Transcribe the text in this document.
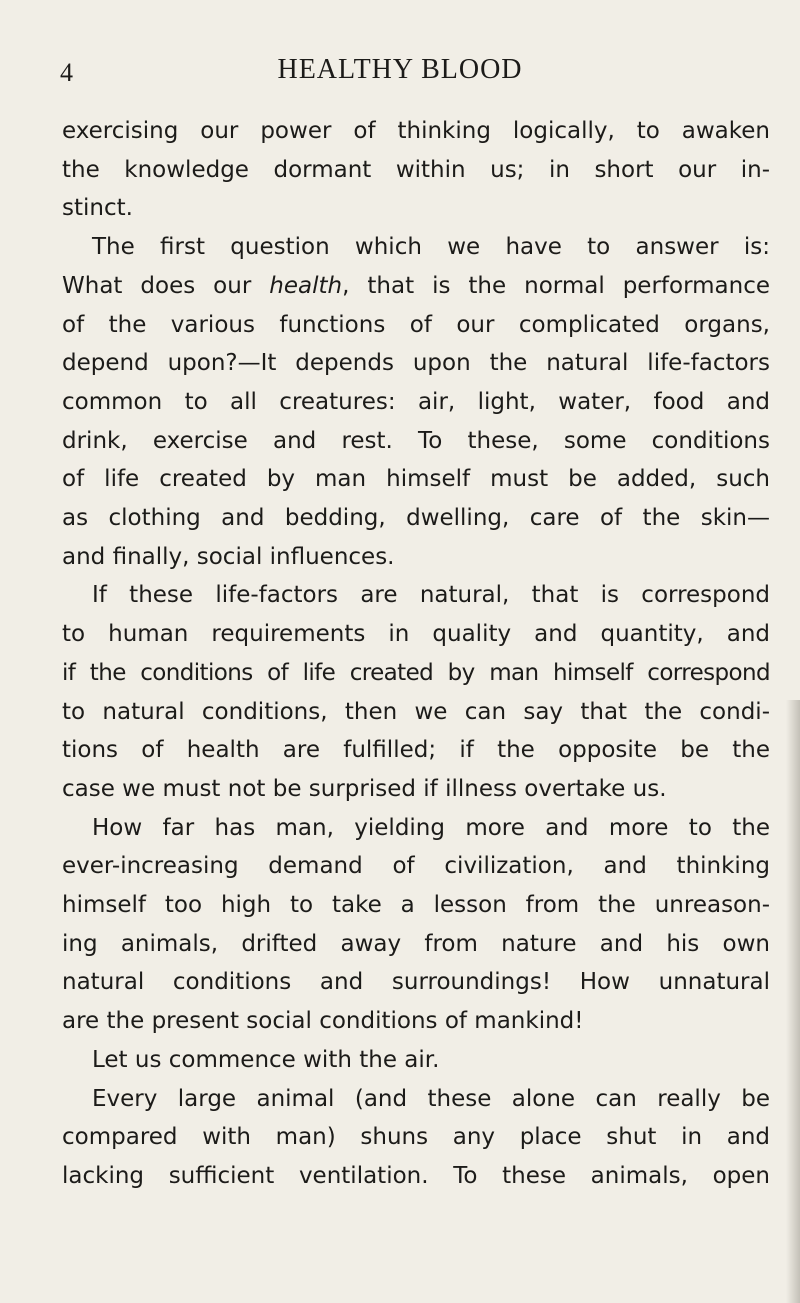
4	HEALTHY BLOOD
exercising our power of thinking logically, to awaken
the knowledge dormant within us; in short our in-
stinct.
The first question which we have to answer is:
What does our health, that is the normal performance
of the various functions of our complicated organs,
depend upon?—It depends upon the natural life-factors
common to all creatures: air, light, water, food and
drink, exercise and rest. To these, some conditions
of life created by man himself must be added, such
as clothing and bedding, dwelling, care of the skin—
and finally, social influences.
If these life-factors are natural, that is correspond
to human requirements in quality and quantity, and
if the conditions of life created by man himself correspond
to natural conditions, then we can say that the condi-
tions of health are fulfilled; if the opposite be the
case we must not be surprised if illness overtake us.
How far has man, yielding more and more to the
ever-increasing demand of civilization, and thinking
himself too high to take a lesson from the unreason-
ing animals, drifted away from nature and his own
natural conditions and surroundings! How unnatural
are the present social conditions of mankind!
Let us commence with the air.
Every large animal (and these alone can really be
compared with man) shuns any place shut in and
lacking sufficient ventilation. To these animals, open
